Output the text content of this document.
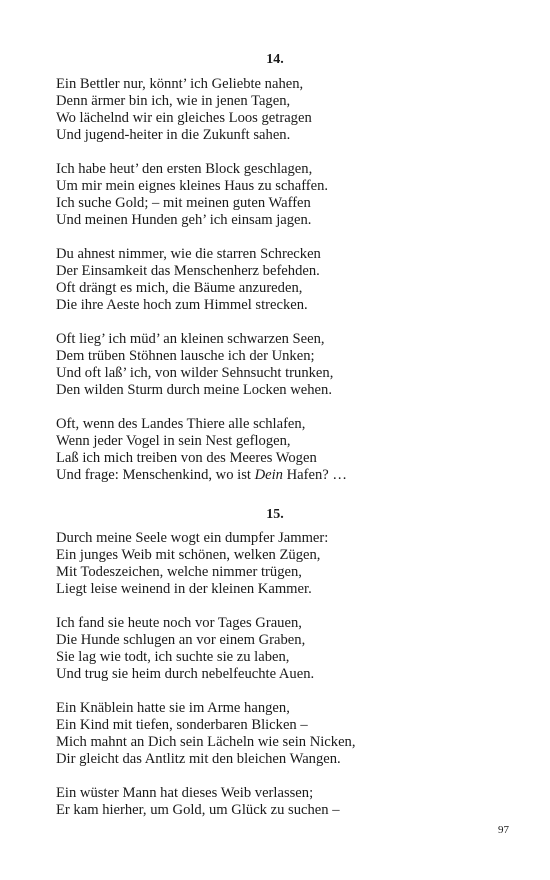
14.
Ein Bettler nur, könnt’ ich Geliebte nahen,
Denn ärmer bin ich, wie in jenen Tagen,
Wo lächelnd wir ein gleiches Loos getragen
Und jugend-heiter in die Zukunft sahen.
Ich habe heut’ den ersten Block geschlagen,
Um mir mein eignes kleines Haus zu schaffen.
Ich suche Gold; – mit meinen guten Waffen
Und meinen Hunden geh’ ich einsam jagen.
Du ahnest nimmer, wie die starren Schrecken
Der Einsamkeit das Menschenherz befehden.
Oft drängt es mich, die Bäume anzureden,
Die ihre Aeste hoch zum Himmel strecken.
Oft lieg’ ich müd’ an kleinen schwarzen Seen,
Dem trüben Stöhnen lausche ich der Unken;
Und oft laß’ ich, von wilder Sehnsucht trunken,
Den wilden Sturm durch meine Locken wehen.
Oft, wenn des Landes Thiere alle schlafen,
Wenn jeder Vogel in sein Nest geflogen,
Laß ich mich treiben von des Meeres Wogen
Und frage: Menschenkind, wo ist Dein Hafen? …
15.
Durch meine Seele wogt ein dumpfer Jammer:
Ein junges Weib mit schönen, welken Zügen,
Mit Todeszeichen, welche nimmer trügen,
Liegt leise weinend in der kleinen Kammer.
Ich fand sie heute noch vor Tages Grauen,
Die Hunde schlugen an vor einem Graben,
Sie lag wie todt, ich suchte sie zu laben,
Und trug sie heim durch nebelfeuchte Auen.
Ein Knäblein hatte sie im Arme hangen,
Ein Kind mit tiefen, sonderbaren Blicken –
Mich mahnt an Dich sein Lächeln wie sein Nicken,
Dir gleicht das Antlitz mit den bleichen Wangen.
Ein wüster Mann hat dieses Weib verlassen;
Er kam hierher, um Gold, um Glück zu suchen –
97
